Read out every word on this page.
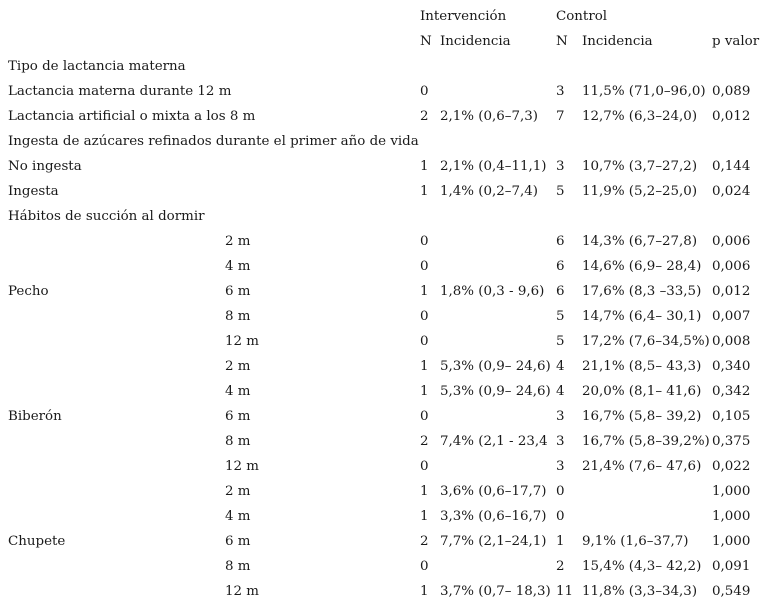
Intervención	Control
N Incidencia	N Incidencia	p valor
Tipo de lactancia materna
Lactancia materna durante 12 m	0	3 11,5% (71,0–96,0) 0,089
Lactancia artificial o mixta a los 8 m	2 2,1% (0,6–7,3) 7 12,7% (6,3–24,0) 0,012
Ingesta de azúcares refinados durante el primer año de vida
No ingesta	1 2,1% (0,4–11,1) 3 10,7% (3,7–27,2) 0,144
Ingesta	1 1,4% (0,2–7,4) 5 11,9% (5,2–25,0) 0,024
Hábitos de succión al dormir
2 m	0	6 14,3% (6,7–27,8) 0,006
4 m	0	6 14,6% (6,9– 28,4) 0,006
Pecho	6 m	1 1,8% (0,3 - 9,6) 6 17,6% (8,3 –33,5) 0,012
8 m	0	5 14,7% (6,4– 30,1) 0,007
12 m	0	5 17,2% (7,6–34,5%) 0,008
2 m	1 5,3% (0,9– 24,6) 4 21,1% (8,5– 43,3) 0,340
4 m	1 5,3% (0,9– 24,6) 4 20,0% (8,1– 41,6) 0,342
Biberón	6 m	0	3 16,7% (5,8– 39,2) 0,105
8 m	2 7,4% (2,1 - 23,4 3 16,7% (5,8–39,2%) 0,375
12 m	0	3 21,4% (7,6– 47,6) 0,022
2 m	1 3,6% (0,6–17,7) 0	1,000
4 m	1 3,3% (0,6–16,7) 0	1,000
Chupete	6 m	2 7,7% (2,1–24,1) 1 9,1% (1,6–37,7) 1,000
8 m	0	2 15,4% (4,3– 42,2) 0,091
12 m	1 3,7% (0,7– 18,3) 11 11,8% (3,3–34,3) 0,549
